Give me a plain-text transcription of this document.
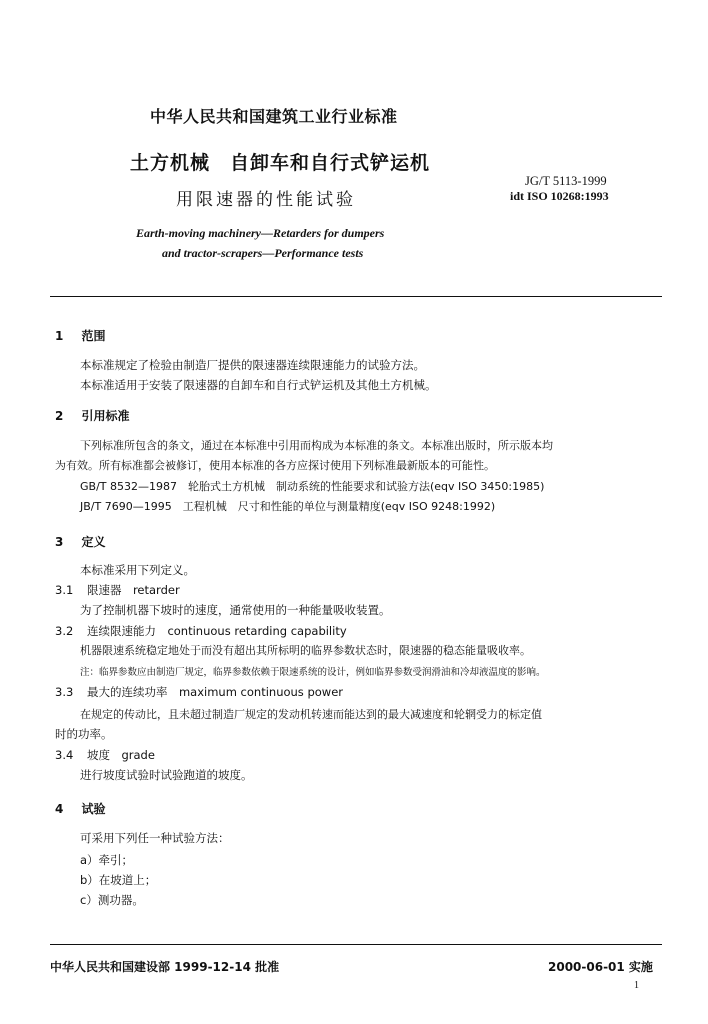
中华人民共和国建筑工业行业标准
土方机械　自卸车和自行式铲运机
用限速器的性能试验
JG/T 5113-1999
idt ISO 10268:1993
Earth-moving machinery—Retarders for dumpers
and tractor-scrapers—Performance tests
1 范围
本标准规定了检验由制造厂提供的限速器连续限速能力的试验方法。
本标准适用于安装了限速器的自卸车和自行式铲运机及其他土方机械。
2 引用标准
下列标准所包含的条文，通过在本标准中引用而构成为本标准的条文。本标准出版时，所示版本均
为有效。所有标准都会被修订，使用本标准的各方应探讨使用下列标准最新版本的可能性。
GB/T 8532—1987　轮胎式土方机械　制动系统的性能要求和试验方法(eqv ISO 3450:1985)
JB/T 7690—1995　工程机械　尺寸和性能的单位与测量精度(eqv ISO 9248:1992)
3 定义
本标准采用下列定义。
3.1 限速器　retarder
为了控制机器下坡时的速度，通常使用的一种能量吸收装置。
3.2 连续限速能力　continuous retarding capability
机器限速系统稳定地处于而没有超出其所标明的临界参数状态时，限速器的稳态能量吸收率。
注：临界参数应由制造厂规定，临界参数依赖于限速系统的设计，例如临界参数受润滑油和冷却液温度的影响。
3.3 最大的连续功率　maximum continuous power
在规定的传动比，且未超过制造厂规定的发动机转速而能达到的最大减速度和轮辋受力的标定值
时的功率。
3.4 坡度　grade
进行坡度试验时试验跑道的坡度。
4 试验
可采用下列任一种试验方法：
a）牵引；
b）在坡道上；
c）测功器。
中华人民共和国建设部 1999-12-14 批准	2000-06-01 实施
1
